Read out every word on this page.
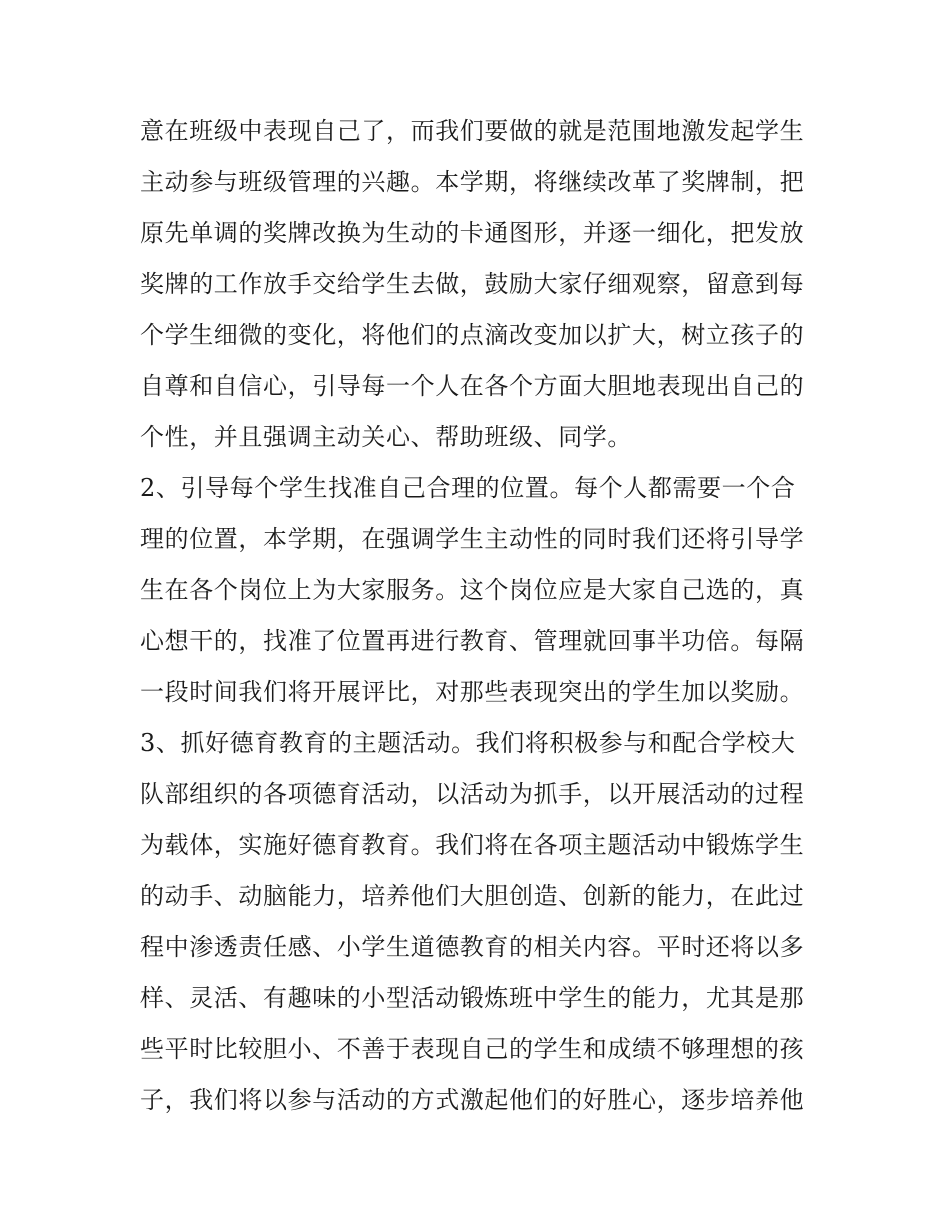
意在班级中表现自己了，而我们要做的就是范围地激发起学生
主动参与班级管理的兴趣。本学期，将继续改革了奖牌制，把
原先单调的奖牌改换为生动的卡通图形，并逐一细化，把发放
奖牌的工作放手交给学生去做，鼓励大家仔细观察，留意到每
个学生细微的变化，将他们的点滴改变加以扩大，树立孩子的
自尊和自信心，引导每一个人在各个方面大胆地表现出自己的
个性，并且强调主动关心、帮助班级、同学。
2、引导每个学生找准自己合理的位置。每个人都需要一个合
理的位置，本学期，在强调学生主动性的同时我们还将引导学
生在各个岗位上为大家服务。这个岗位应是大家自己选的，真
心想干的，找准了位置再进行教育、管理就回事半功倍。每隔
一段时间我们将开展评比，对那些表现突出的学生加以奖励。
3、抓好德育教育的主题活动。我们将积极参与和配合学校大
队部组织的各项德育活动，以活动为抓手，以开展活动的过程
为载体，实施好德育教育。我们将在各项主题活动中锻炼学生
的动手、动脑能力，培养他们大胆创造、创新的能力，在此过
程中渗透责任感、小学生道德教育的相关内容。平时还将以多
样、灵活、有趣味的小型活动锻炼班中学生的能力，尤其是那
些平时比较胆小、不善于表现自己的学生和成绩不够理想的孩
子，我们将以参与活动的方式激起他们的好胜心，逐步培养他
